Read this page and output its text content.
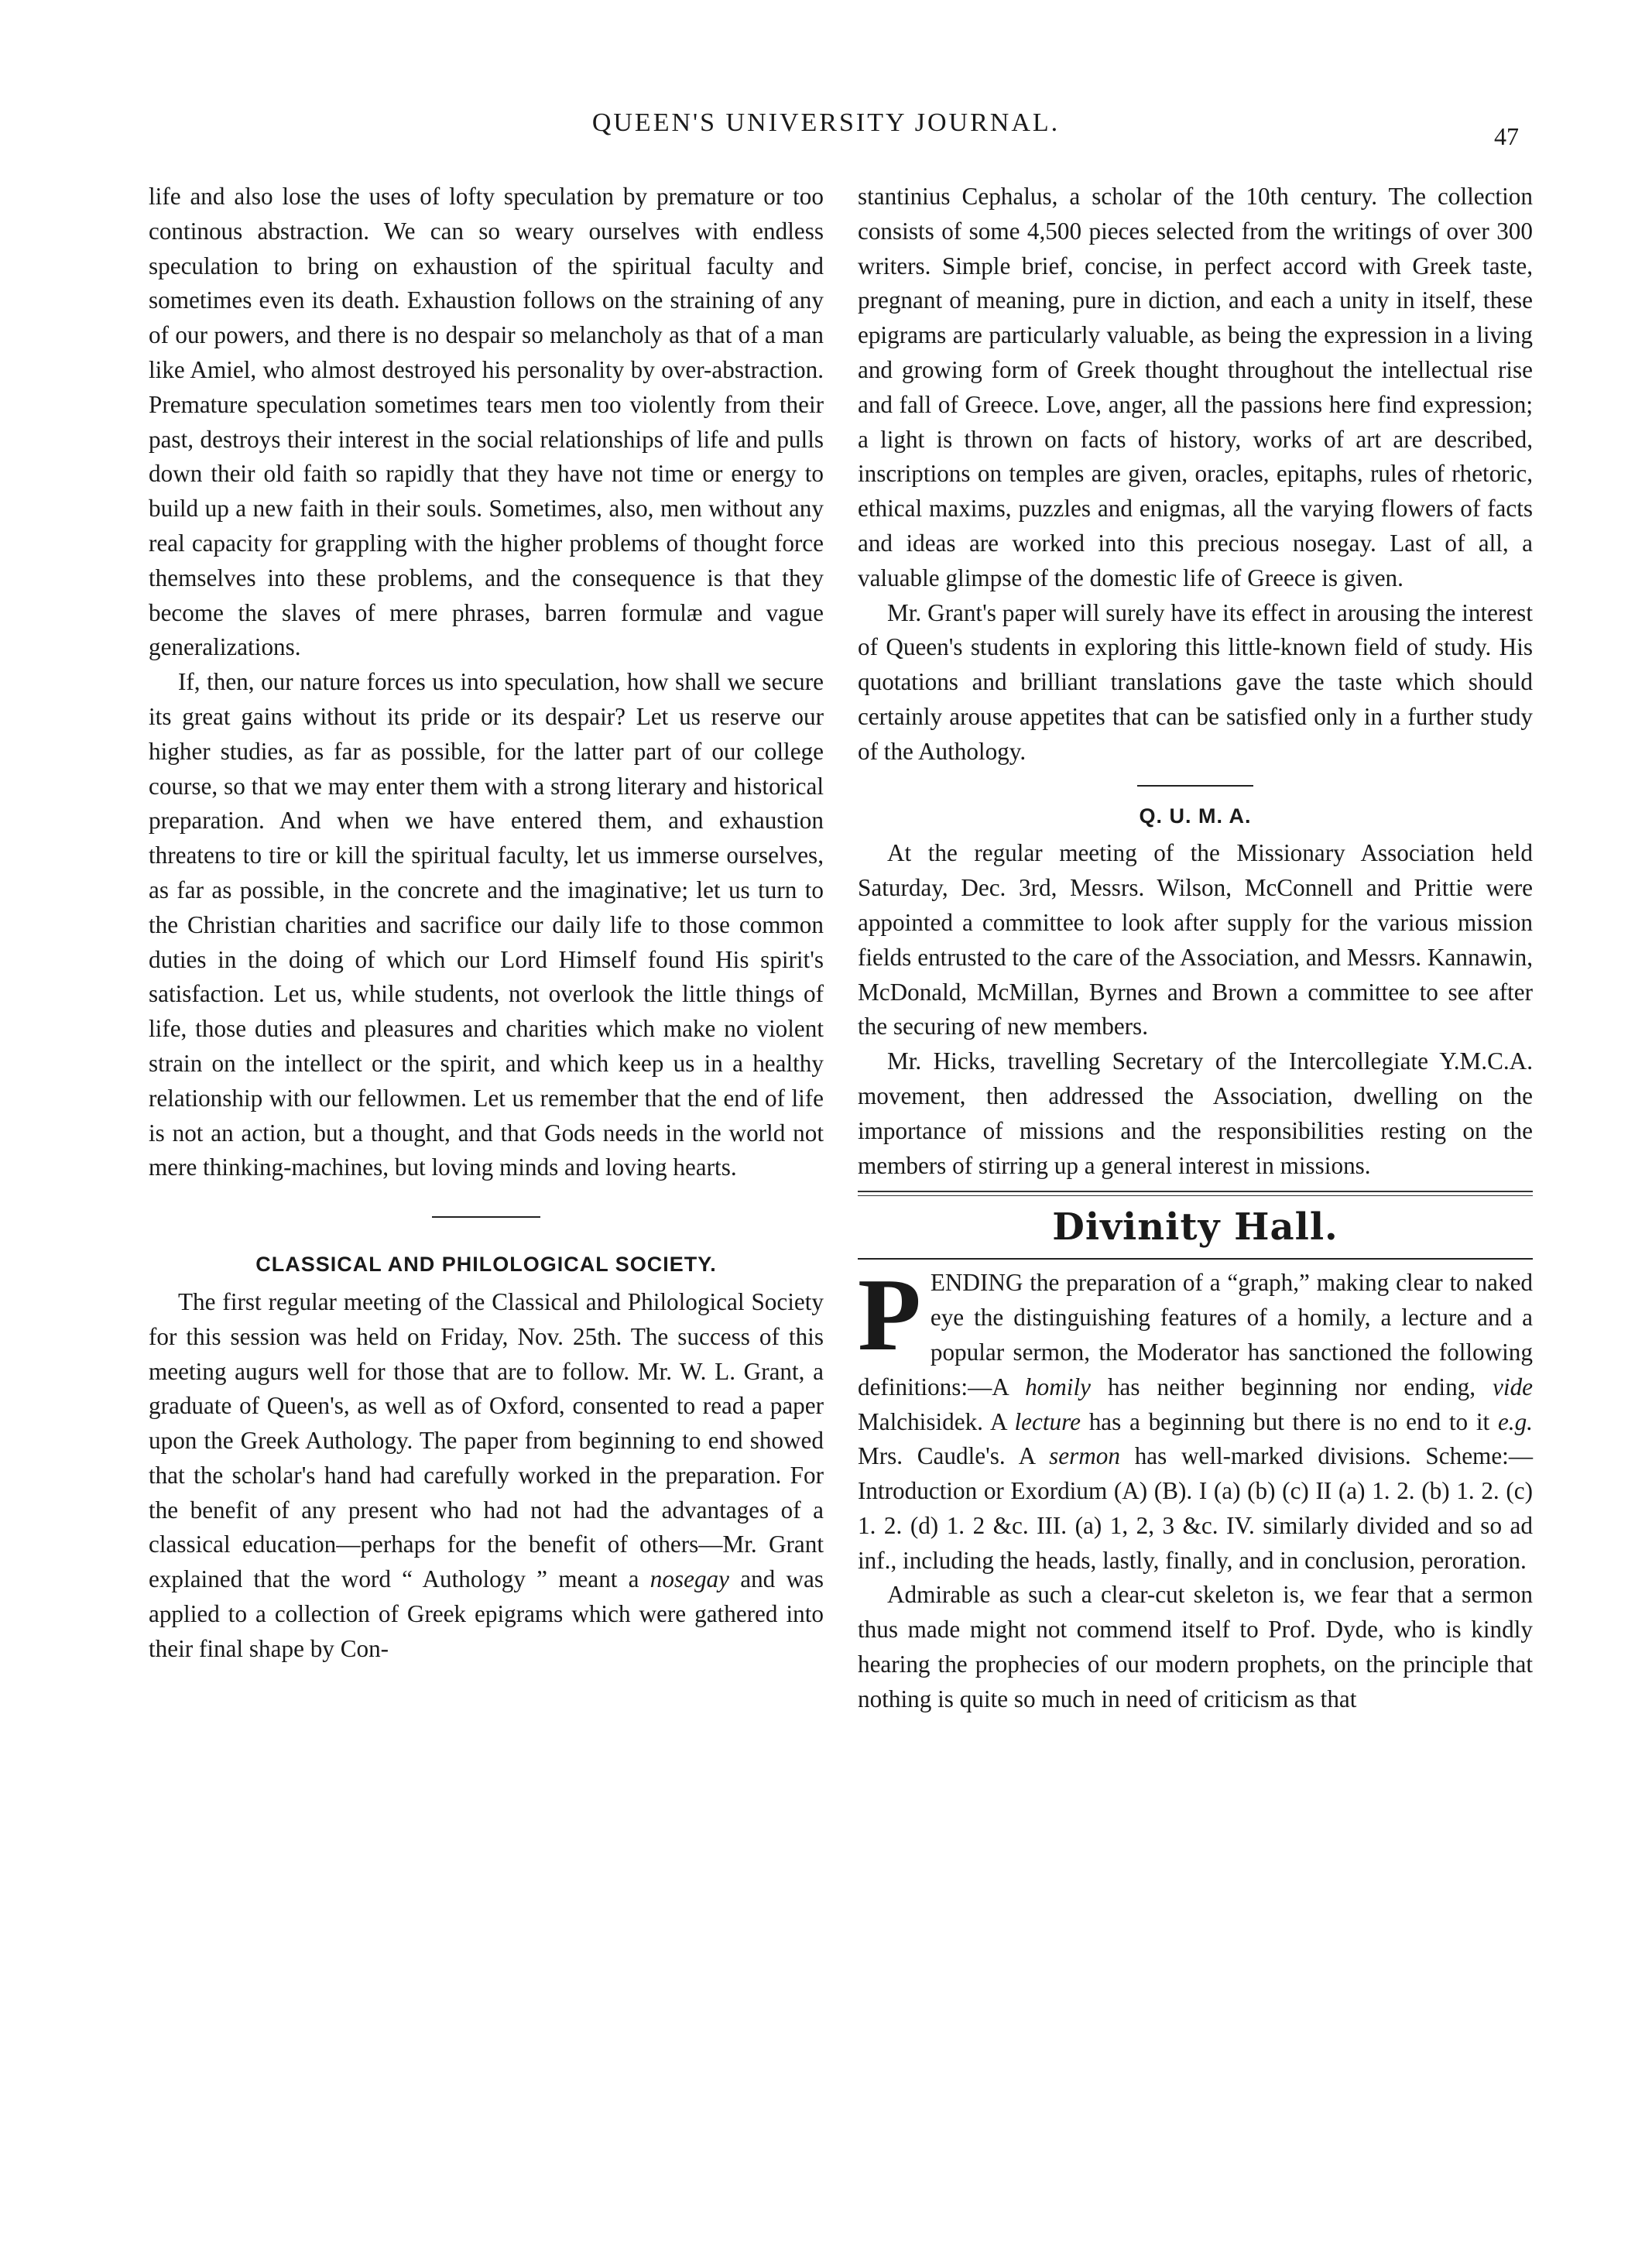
QUEEN'S UNIVERSITY JOURNAL.	47

life and also lose the uses of lofty speculation by premature or too continous abstraction. We can so weary ourselves with endless speculation to bring on exhaustion of the spiritual faculty and sometimes even its death. Exhaustion follows on the straining of any of our powers, and there is no despair so melancholy as that of a man like Amiel, who almost destroyed his personality by over-abstraction. Premature speculation sometimes tears men too violently from their past, destroys their interest in the social relationships of life and pulls down their old faith so rapidly that they have not time or energy to build up a new faith in their souls. Sometimes, also, men without any real capacity for grappling with the higher problems of thought force themselves into these problems, and the consequence is that they become the slaves of mere phrases, barren formulæ and vague generalizations.

If, then, our nature forces us into speculation, how shall we secure its great gains without its pride or its despair? Let us reserve our higher studies, as far as possible, for the latter part of our college course, so that we may enter them with a strong literary and historical preparation. And when we have entered them, and exhaustion threatens to tire or kill the spiritual faculty, let us immerse ourselves, as far as possible, in the concrete and the imaginative; let us turn to the Christian charities and sacrifice our daily life to those common duties in the doing of which our Lord Himself found His spirit's satisfaction. Let us, while students, not overlook the little things of life, those duties and pleasures and charities which make no violent strain on the intellect or the spirit, and which keep us in a healthy relationship with our fellowmen. Let us remember that the end of life is not an action, but a thought, and that Gods needs in the world not mere thinking-machines, but loving minds and loving hearts.

CLASSICAL AND PHILOLOGICAL SOCIETY.

The first regular meeting of the Classical and Philological Society for this session was held on Friday, Nov. 25th. The success of this meeting augurs well for those that are to follow. Mr. W. L. Grant, a graduate of Queen's, as well as of Oxford, consented to read a paper upon the Greek Authology. The paper from beginning to end showed that the scholar's hand had carefully worked in the preparation. For the benefit of any present who had not had the advantages of a classical education—perhaps for the benefit of others—Mr. Grant explained that the word “ Authology ” meant a nosegay and was applied to a collection of Greek epigrams which were gathered into their final shape by Con-

stantinius Cephalus, a scholar of the 10th century. The collection consists of some 4,500 pieces selected from the writings of over 300 writers. Simple brief, concise, in perfect accord with Greek taste, pregnant of meaning, pure in diction, and each a unity in itself, these epigrams are particularly valuable, as being the expression in a living and growing form of Greek thought throughout the intellectual rise and fall of Greece. Love, anger, all the passions here find expression; a light is thrown on facts of history, works of art are described, inscriptions on temples are given, oracles, epitaphs, rules of rhetoric, ethical maxims, puzzles and enigmas, all the varying flowers of facts and ideas are worked into this precious nosegay. Last of all, a valuable glimpse of the domestic life of Greece is given.

Mr. Grant's paper will surely have its effect in arousing the interest of Queen's students in exploring this little-known field of study. His quotations and brilliant translations gave the taste which should certainly arouse appetites that can be satisfied only in a further study of the Authology.

Q. U. M. A.

At the regular meeting of the Missionary Association held Saturday, Dec. 3rd, Messrs. Wilson, McConnell and Prittie were appointed a committee to look after supply for the various mission fields entrusted to the care of the Association, and Messrs. Kannawin, McDonald, McMillan, Byrnes and Brown a committee to see after the securing of new members.

Mr. Hicks, travelling Secretary of the Intercollegiate Y.M.C.A. movement, then addressed the Association, dwelling on the importance of missions and the responsibilities resting on the members of stirring up a general interest in missions.

Divinity Hall.

PENDING the preparation of a “graph,” making clear to naked eye the distinguishing features of a homily, a lecture and a popular sermon, the Moderator has sanctioned the following definitions:—A homily has neither beginning nor ending, vide Malchisidek. A lecture has a beginning but there is no end to it e.g. Mrs. Caudle's. A sermon has well-marked divisions. Scheme:—Introduction or Exordium (A) (B). I (a) (b) (c) II (a) 1. 2. (b) 1. 2. (c) 1. 2. (d) 1. 2 &c. III. (a) 1, 2, 3 &c. IV. similarly divided and so ad inf., including the heads, lastly, finally, and in conclusion, peroration.

Admirable as such a clear-cut skeleton is, we fear that a sermon thus made might not commend itself to Prof. Dyde, who is kindly hearing the prophecies of our modern prophets, on the principle that nothing is quite so much in need of criticism as that
